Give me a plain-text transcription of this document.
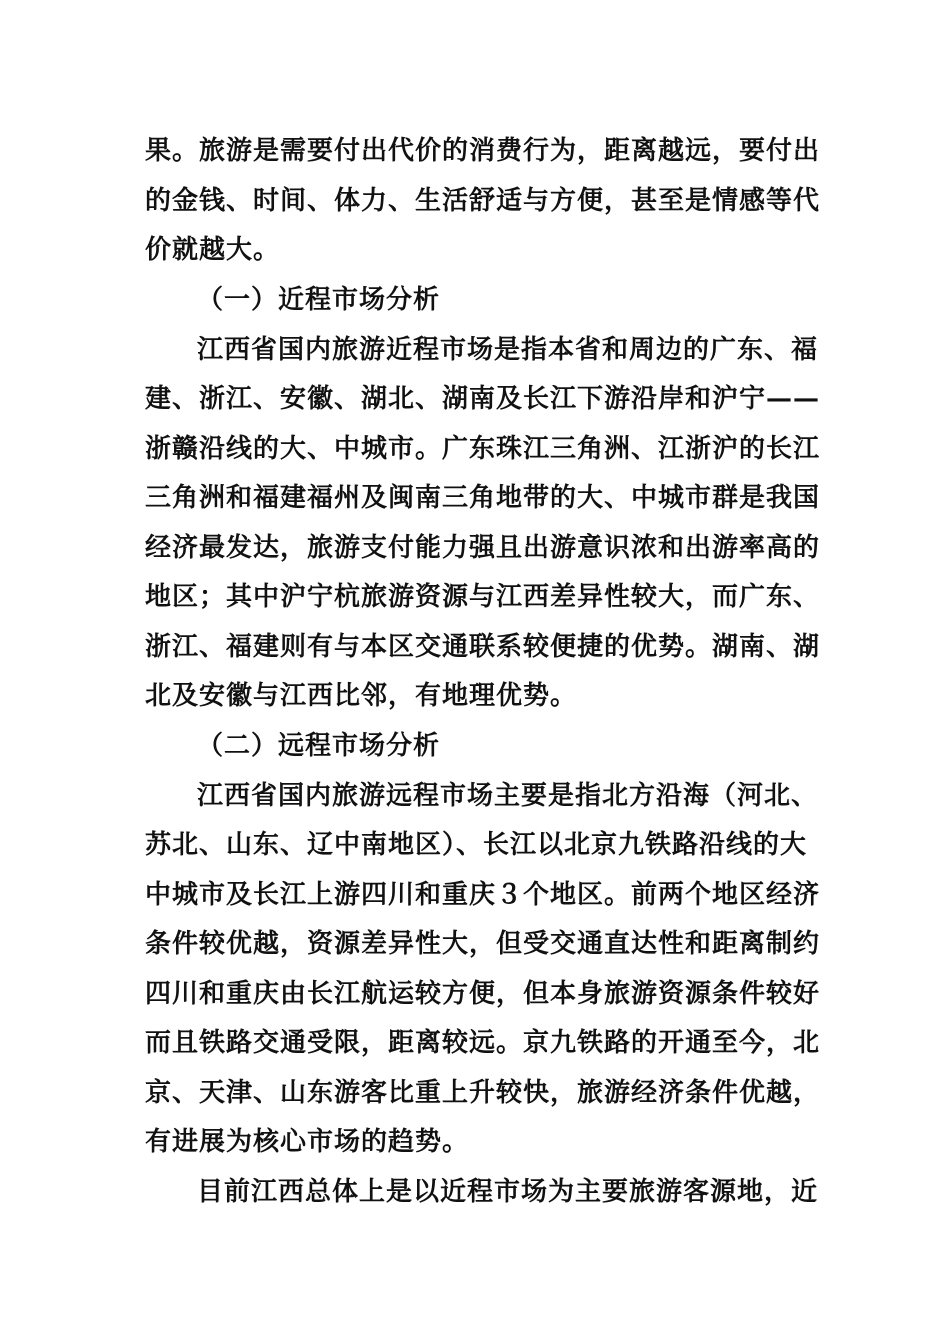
果。旅游是需要付出代价的消费行为，距离越远，要付出
的金钱、时间、体力、生活舒适与方便，甚至是情感等代
价就越大。
（一）近程市场分析
江西省国内旅游近程市场是指本省和周边的广东、福
建、浙江、安徽、湖北、湖南及长江下游沿岸和沪宁——
浙赣沿线的大、中城市。广东珠江三角洲、江浙沪的长江
三角洲和福建福州及闽南三角地带的大、中城市群是我国
经济最发达，旅游支付能力强且出游意识浓和出游率高的
地区；其中沪宁杭旅游资源与江西差异性较大，而广东、
浙江、福建则有与本区交通联系较便捷的优势。湖南、湖
北及安徽与江西比邻，有地理优势。
（二）远程市场分析
江西省国内旅游远程市场主要是指北方沿海（河北、
苏北、山东、辽中南地区）、长江以北京九铁路沿线的大
中城市及长江上游四川和重庆３个地区。前两个地区经济
条件较优越，资源差异性大，但受交通直达性和距离制约
四川和重庆由长江航运较方便，但本身旅游资源条件较好
而且铁路交通受限，距离较远。京九铁路的开通至今，北
京、天津、山东游客比重上升较快，旅游经济条件优越，
有进展为核心市场的趋势。
目前江西总体上是以近程市场为主要旅游客源地，近
